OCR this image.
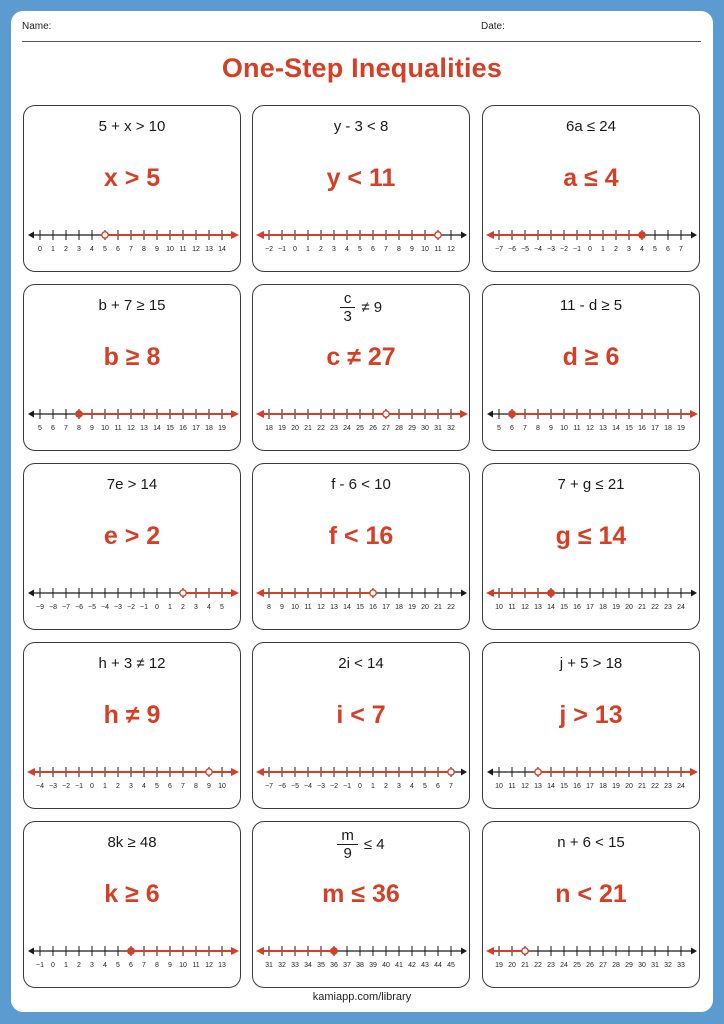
Name:	Date:
One-Step Inequalities
5 + x > 10
x > 5
0 1 2 3 4 5 6 7 8 9 10 11 12 13 14
y - 3 < 8
y < 11
−2 −1 0 1 2 3 4 5 6 7 8 9 10 11 12
6a ≤ 24
a ≤ 4
−7 −6 −5 −4 −3 −2 −1 0 1 2 3 4 5 6 7
b + 7 ≥ 15
b ≥ 8
5 6 7 8 9 10 11 12 13 14 15 16 17 18 19
$\frac{c}{3} \ne 9$
c ≠ 27
18 19 20 21 22 23 24 25 26 27 28 29 30 31 32
11 - d ≥ 5
d ≥ 6
5 6 7 8 9 10 11 12 13 14 15 16 17 18 19
7e > 14
e > 2
−9 −8 −7 −6 −5 −4 −3 −2 −1 0 1 2 3 4 5
f - 6 < 10
f < 16
8 9 10 11 12 13 14 15 16 17 18 19 20 21 22
7 + g ≤ 21
g ≤ 14
10 11 12 13 14 15 16 17 18 19 20 21 22 23 24
h + 3 ≠ 12
h ≠ 9
−4 −3 −2 −1 0 1 2 3 4 5 6 7 8 9 10
2i < 14
i < 7
−7 −6 −5 −4 −3 −2 −1 0 1 2 3 4 5 6 7
j + 5 > 18
j > 13
10 11 12 13 14 15 16 17 18 19 20 21 22 23 24
8k ≥ 48
k ≥ 6
−1 0 1 2 3 4 5 6 7 8 9 10 11 12 13
$\frac{m}{9} \le 4$
m ≤ 36
31 32 33 34 35 36 37 38 39 40 41 42 43 44 45
n + 6 < 15
n < 21
19 20 21 22 23 24 25 26 27 28 29 30 31 32 33
kamiapp.com/library
